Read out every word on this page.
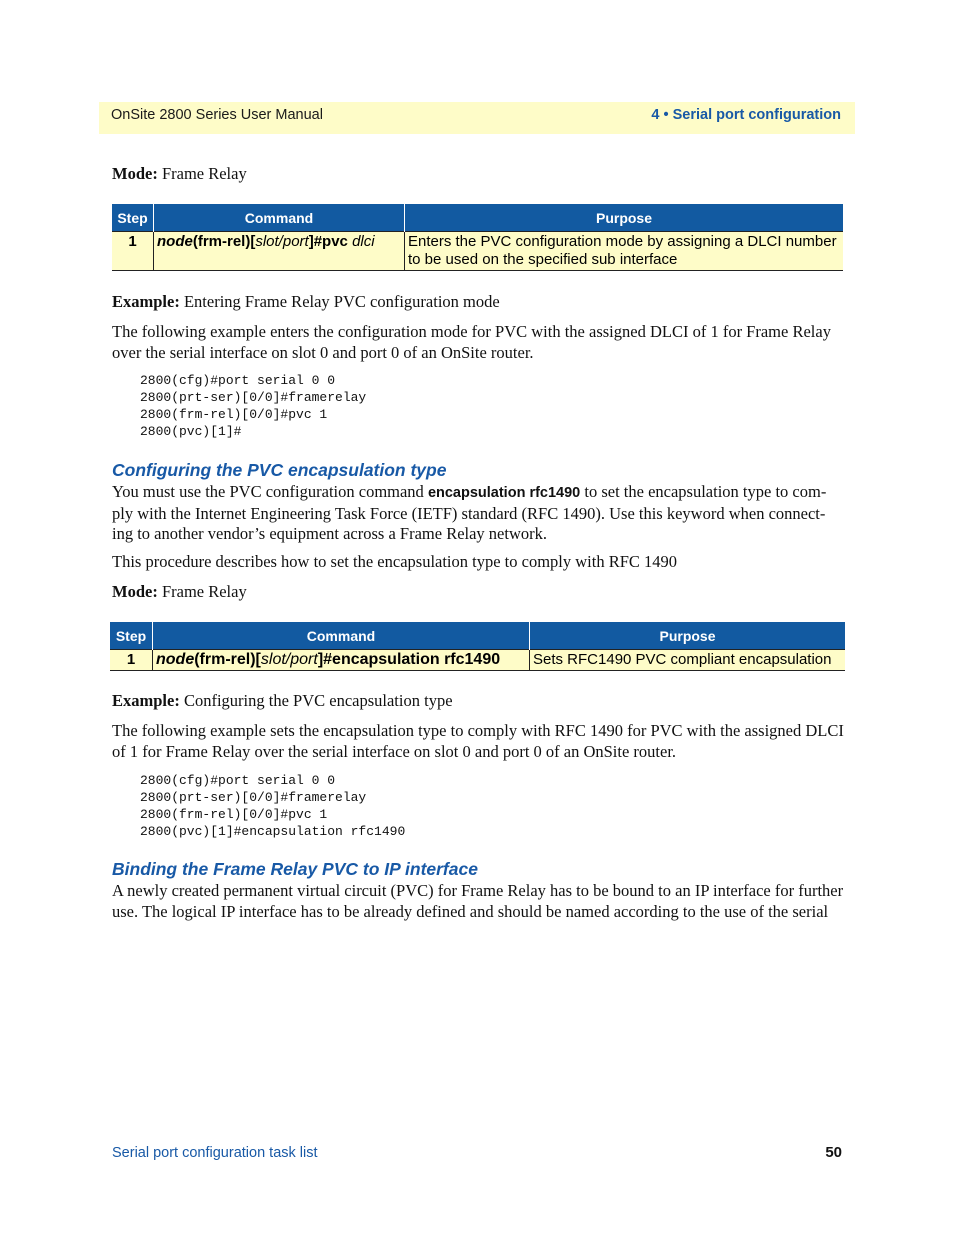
OnSite 2800 Series User Manual	4 • Serial port configuration
Mode: Frame Relay
Step	Command	Purpose
1	node(frm-rel)[slot/port]#pvc dlci	Enters the PVC configuration mode by assigning a DLCI number to be used on the specified sub interface
Example: Entering Frame Relay PVC configuration mode
The following example enters the configuration mode for PVC with the assigned DLCI of 1 for Frame Relay over the serial interface on slot 0 and port 0 of an OnSite router.
2800(cfg)#port serial 0 0
2800(prt-ser)[0/0]#framerelay
2800(frm-rel)[0/0]#pvc 1
2800(pvc)[1]#
Configuring the PVC encapsulation type
You must use the PVC configuration command encapsulation rfc1490 to set the encapsulation type to com-ply with the Internet Engineering Task Force (IETF) standard (RFC 1490). Use this keyword when connect-ing to another vendor’s equipment across a Frame Relay network.
This procedure describes how to set the encapsulation type to comply with RFC 1490
Mode: Frame Relay
Step	Command	Purpose
1	node(frm-rel)[slot/port]#encapsulation rfc1490	Sets RFC1490 PVC compliant encapsulation
Example: Configuring the PVC encapsulation type
The following example sets the encapsulation type to comply with RFC 1490 for PVC with the assigned DLCI of 1 for Frame Relay over the serial interface on slot 0 and port 0 of an OnSite router.
2800(cfg)#port serial 0 0
2800(prt-ser)[0/0]#framerelay
2800(frm-rel)[0/0]#pvc 1
2800(pvc)[1]#encapsulation rfc1490
Binding the Frame Relay PVC to IP interface
A newly created permanent virtual circuit (PVC) for Frame Relay has to be bound to an IP interface for further use. The logical IP interface has to be already defined and should be named according to the use of the serial
Serial port configuration task list	50
